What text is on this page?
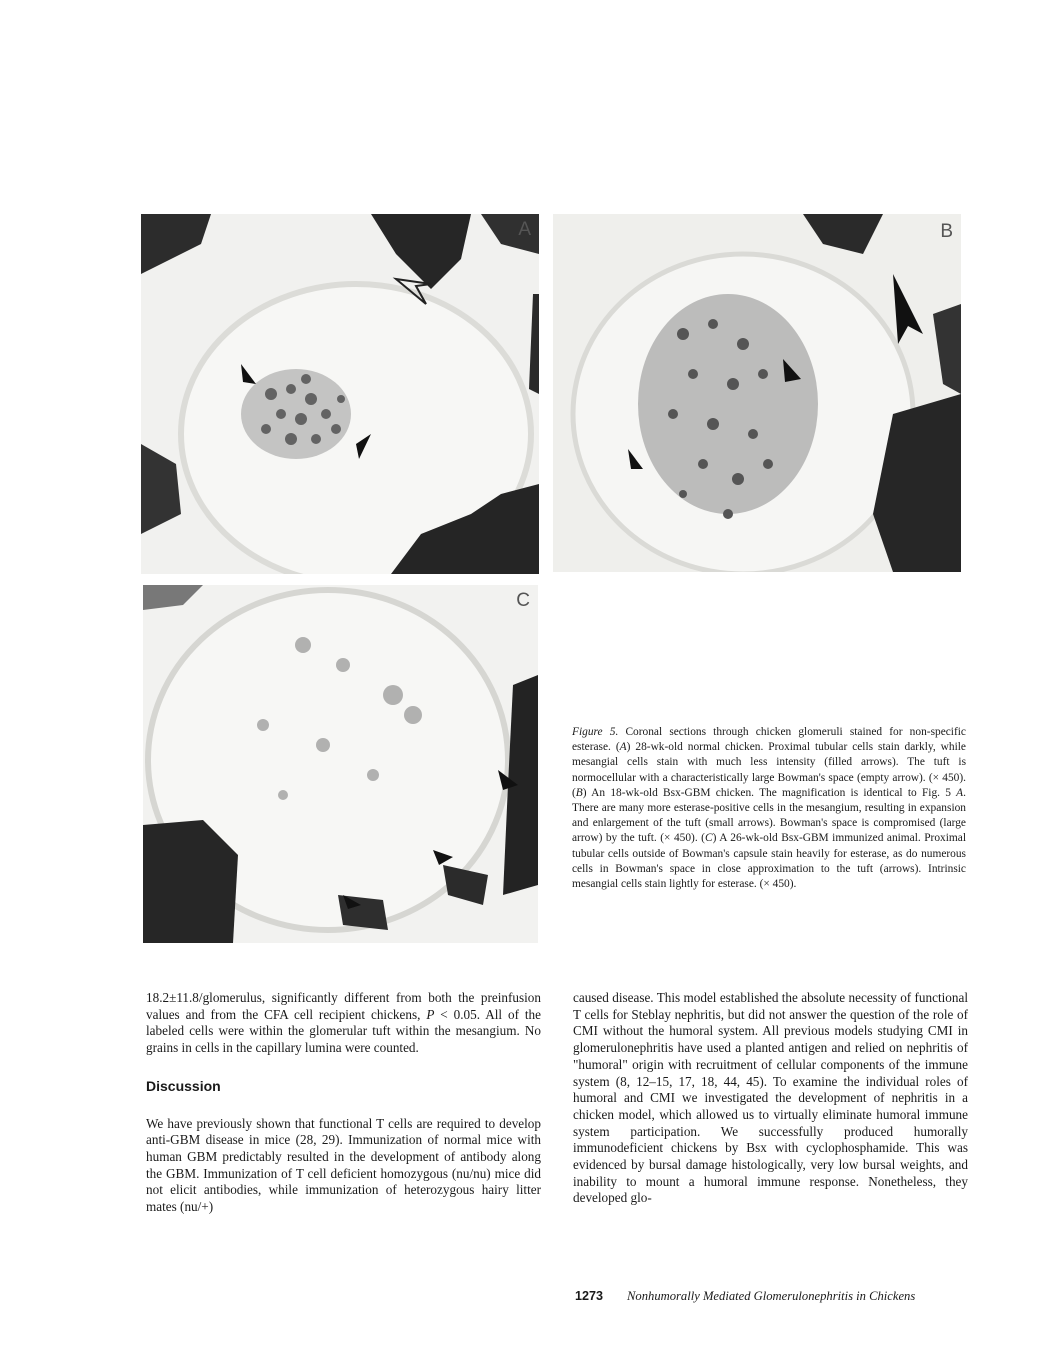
A	B
C

Figure 5. Coronal sections through chicken glomeruli stained for non-specific esterase. (A) 28-wk-old normal chicken. Proximal tubular cells stain darkly, while mesangial cells stain with much less intensity (filled arrows). The tuft is normocellular with a characteristically large Bowman's space (empty arrow). (× 450). (B) An 18-wk-old Bsx-GBM chicken. The magnification is identical to Fig. 5 A. There are many more esterase-positive cells in the mesangium, resulting in expansion and enlargement of the tuft (small arrows). Bowman's space is compromised (large arrow) by the tuft. (× 450). (C) A 26-wk-old Bsx-GBM immunized animal. Proximal tubular cells outside of Bowman's capsule stain heavily for esterase, as do numerous cells in Bowman's space in close approximation to the tuft (arrows). Intrinsic mesangial cells stain lightly for esterase. (× 450).

18.2±11.8/glomerulus, significantly different from both the preinfusion values and from the CFA cell recipient chickens, P < 0.05. All of the labeled cells were within the glomerular tuft within the mesangium. No grains in cells in the capillary lumina were counted.

Discussion

We have previously shown that functional T cells are required to develop anti-GBM disease in mice (28, 29). Immunization of normal mice with human GBM predictably resulted in the development of antibody along the GBM. Immunization of T cell deficient homozygous (nu/nu) mice did not elicit antibodies, while immunization of heterozygous hairy litter mates (nu/+)

caused disease. This model established the absolute necessity of functional T cells for Steblay nephritis, but did not answer the question of the role of CMI without the humoral system. All previous models studying CMI in glomerulonephritis have used a planted antigen and relied on nephritis of "humoral" origin with recruitment of cellular components of the immune system (8, 12–15, 17, 18, 44, 45). To examine the individual roles of humoral and CMI we investigated the development of nephritis in a chicken model, which allowed us to virtually eliminate humoral immune system participation. We successfully produced humorally immunodeficient chickens by Bsx with cyclophosphamide. This was evidenced by bursal damage histologically, very low bursal weights, and inability to mount a humoral immune response. Nonetheless, they developed glo-

1273 Nonhumorally Mediated Glomerulonephritis in Chickens
